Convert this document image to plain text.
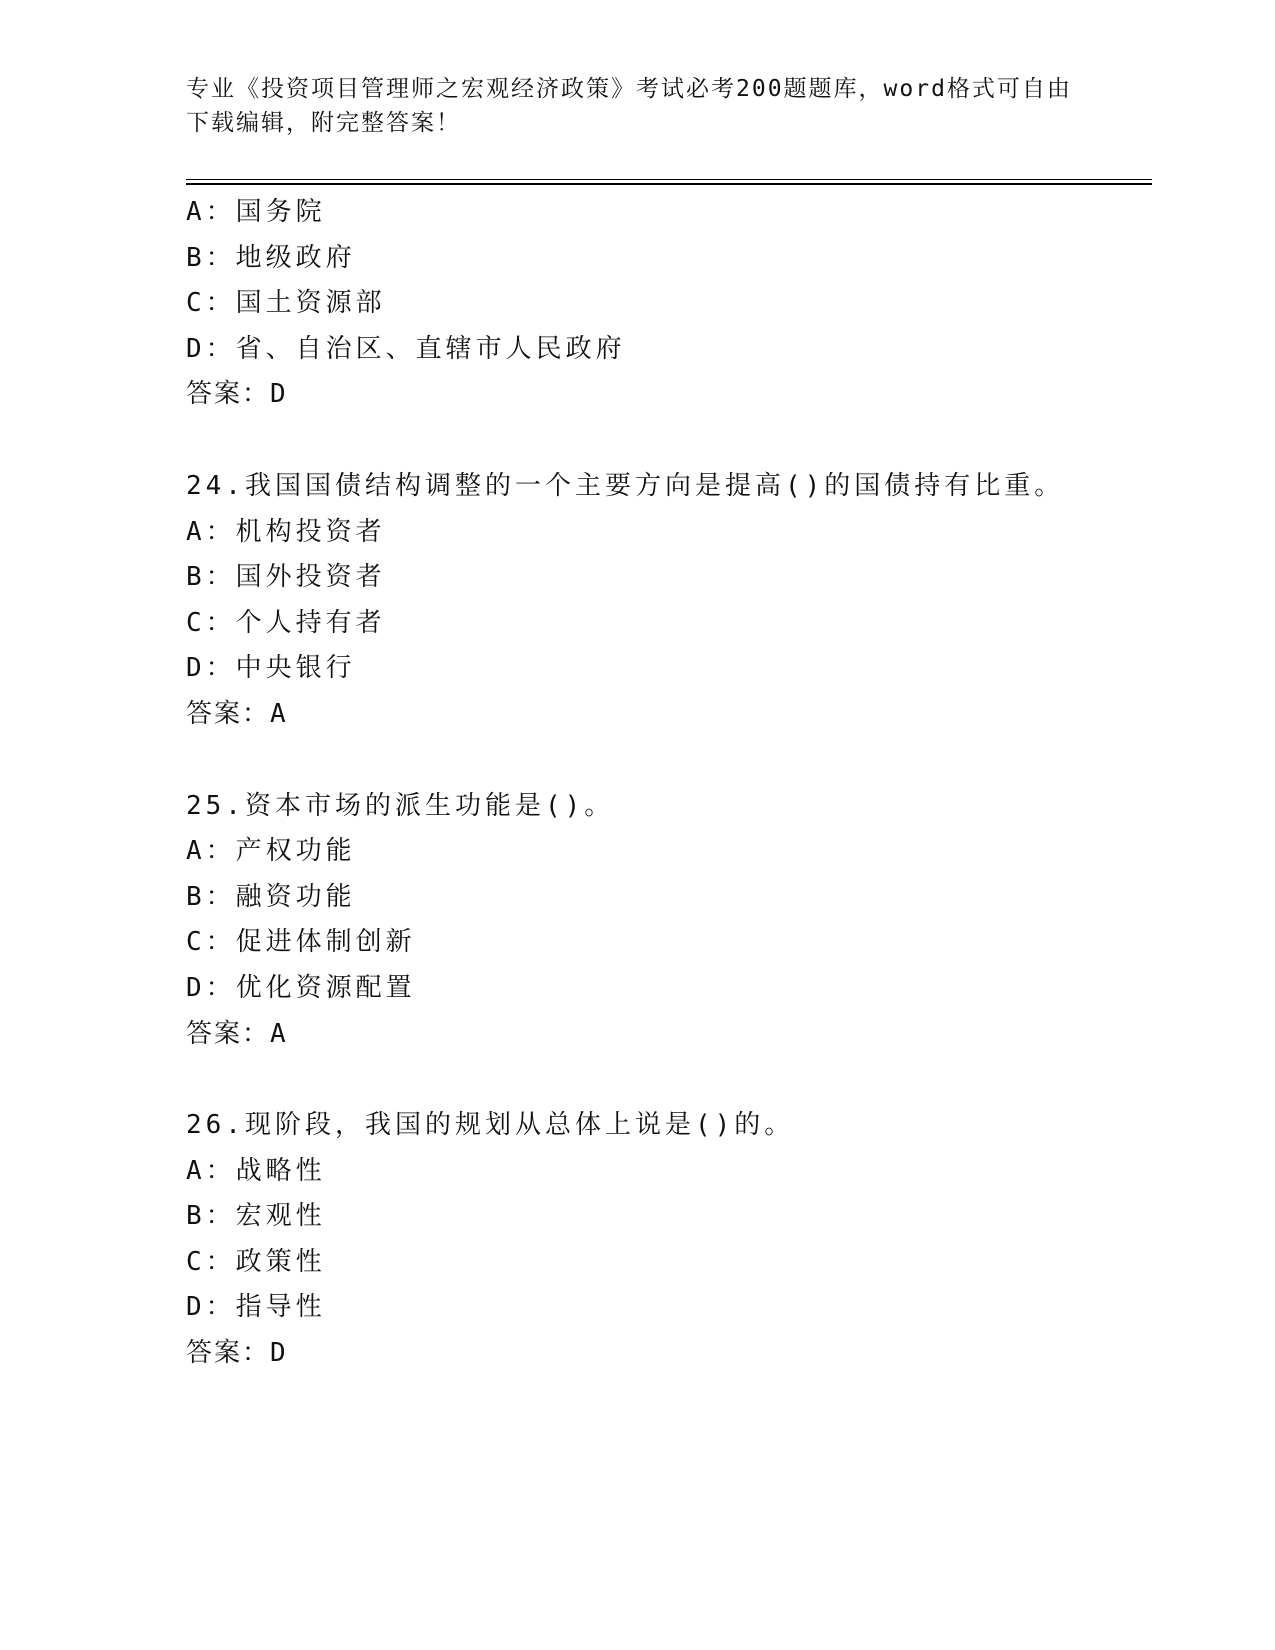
专业《投资项目管理师之宏观经济政策》考试必考200题题库，word格式可自由
下载编辑，附完整答案！
A：国务院
B：地级政府
C：国土资源部
D：省、自治区、直辖市人民政府
答案：D
24.我国国债结构调整的一个主要方向是提高()的国债持有比重。
A：机构投资者
B：国外投资者
C：个人持有者
D：中央银行
答案：A
25.资本市场的派生功能是()。
A：产权功能
B：融资功能
C：促进体制创新
D：优化资源配置
答案：A
26.现阶段，我国的规划从总体上说是()的。
A：战略性
B：宏观性
C：政策性
D：指导性
答案：D
